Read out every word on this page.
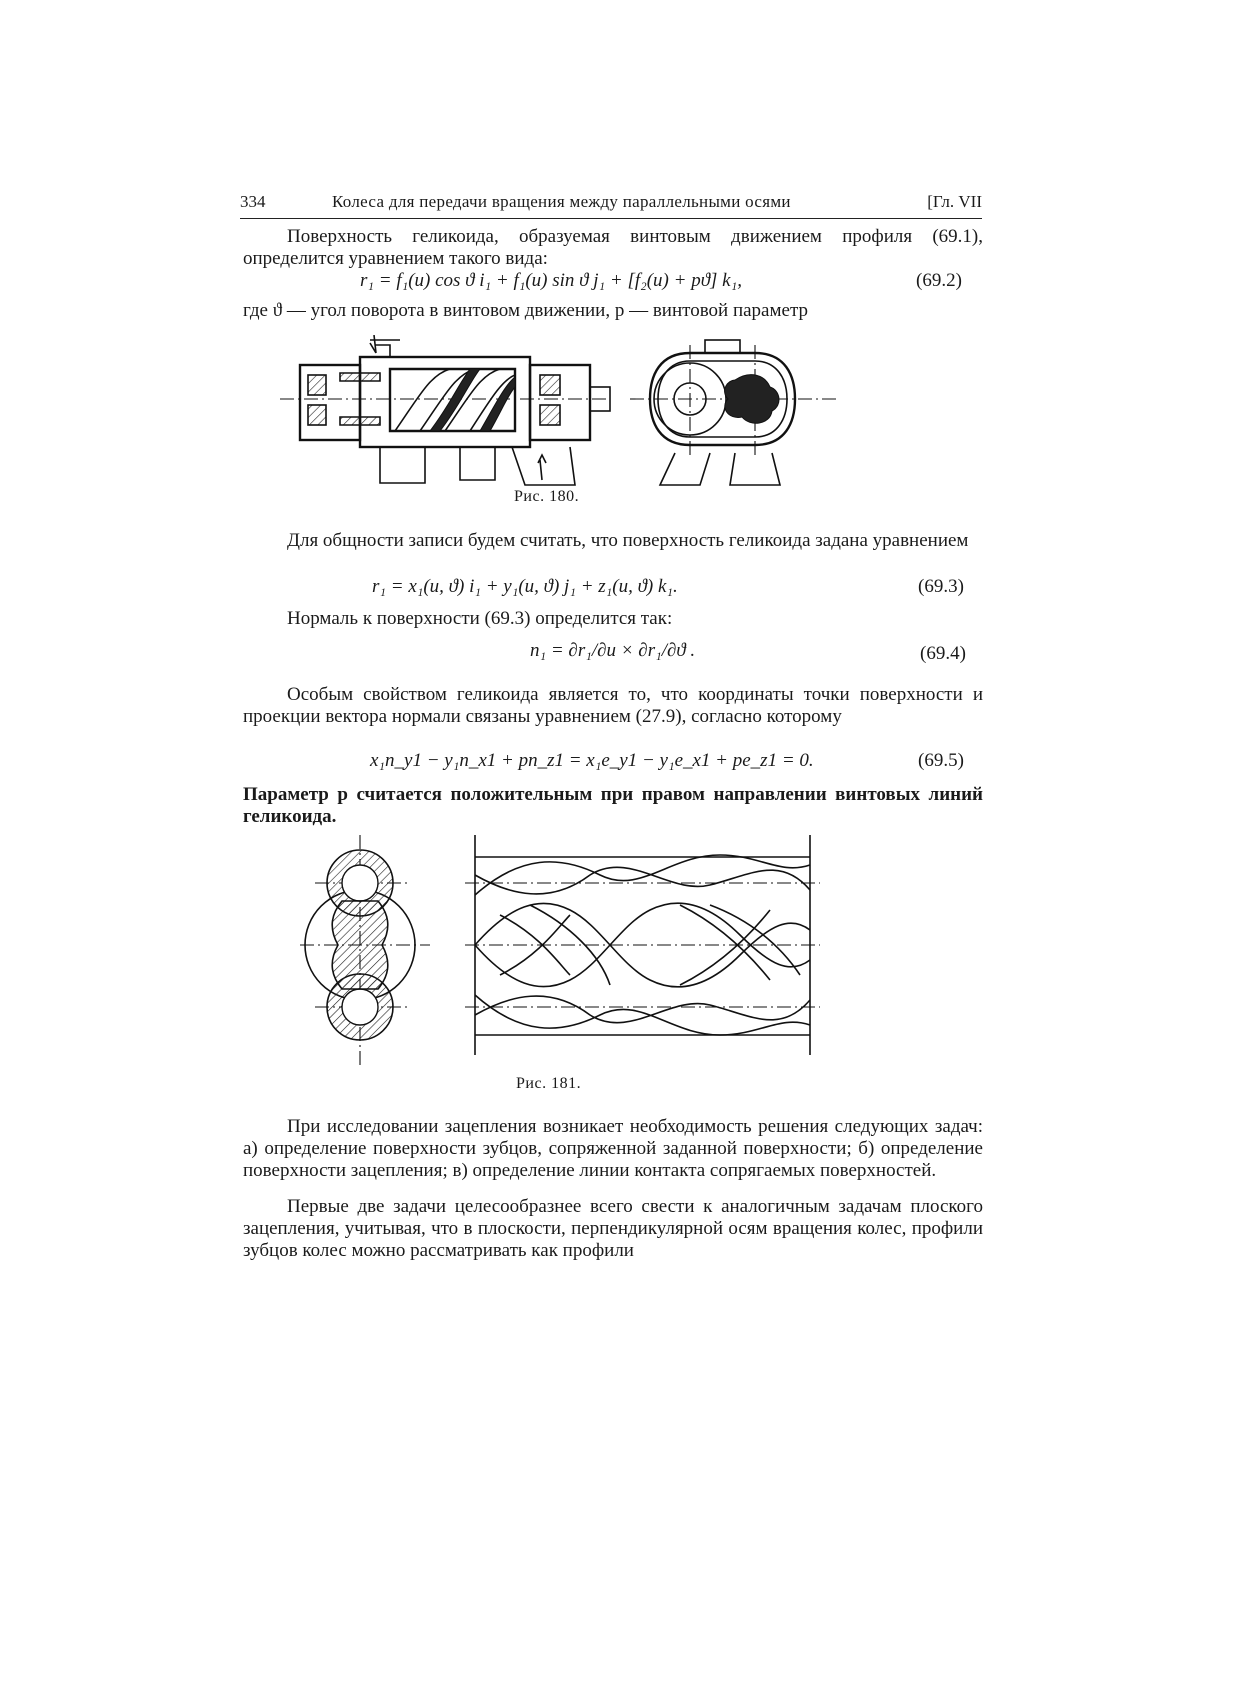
334	Колеса для передачи вращения между параллельными осями	[Гл. VII
Поверхность геликоида, образуемая винтовым движением профиля (69.1), определится уравнением такого вида:
r₁ = f₁(u) cos ϑ i₁ + f₁(u) sin ϑ j₁ + [f₂(u) + pϑ] k₁,	(69.2)
где ϑ — угол поворота в винтовом движении, p — винтовой параметр
Рис. 180.
Для общности записи будем считать, что поверхность геликоида задана уравнением
r₁ = x₁(u, ϑ) i₁ + y₁(u, ϑ) j₁ + z₁(u, ϑ) k₁.	(69.3)
Нормаль к поверхности (69.3) определится так:
n₁ = ∂r₁/∂u × ∂r₁/∂ϑ .	(69.4)
Особым свойством геликоида является то, что координаты точки поверхности и проекции вектора нормали связаны уравнением (27.9), согласно которому
x₁n_y1 − y₁n_x1 + pn_z1 = x₁e_y1 − y₁e_x1 + pe_z1 = 0.	(69.5)
Параметр p считается положительным при правом направлении винтовых линий геликоида.
Рис. 181.
При исследовании зацепления возникает необходимость решения следующих задач: а) определение поверхности зубцов, сопряженной заданной поверхности; б) определение поверхности зацепления; в) определение линии контакта сопрягаемых поверхностей.
Первые две задачи целесообразнее всего свести к аналогичным задачам плоского зацепления, учитывая, что в плоскости, перпендикулярной осям вращения колес, профили зубцов колес можно рассматривать как профили
